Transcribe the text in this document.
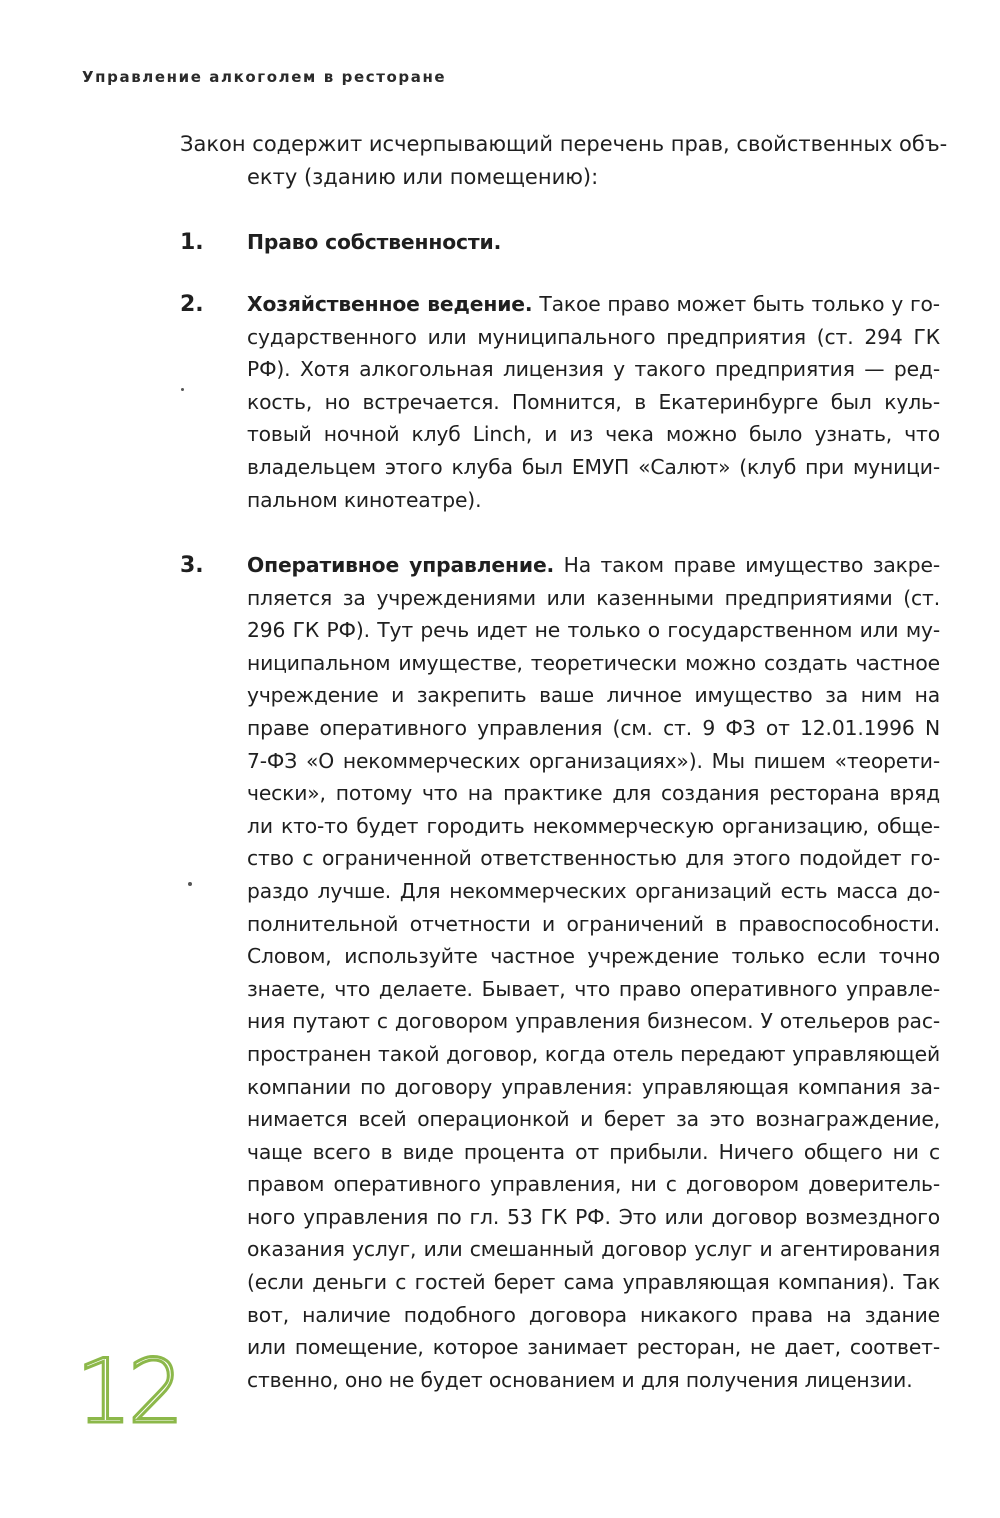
Управление алкоголем в ресторане
Закон содержит исчерпывающий перечень прав, свойственных объ-
екту (зданию или помещению):
1. Право собственности.
2. Хозяйственное ведение. Такое право может быть только у го-
сударственного или муниципального предприятия (ст. 294 ГК
РФ). Хотя алкогольная лицензия у такого предприятия — ред-
кость, но встречается. Помнится, в Екатеринбурге был куль-
товый ночной клуб Linch, и из чека можно было узнать, что
владельцем этого клуба был ЕМУП «Салют» (клуб при муници-
пальном кинотеатре).
3. Оперативное управление. На таком праве имущество закре-
пляется за учреждениями или казенными предприятиями (ст.
296 ГК РФ). Тут речь идет не только о государственном или му-
ниципальном имуществе, теоретически можно создать частное
учреждение и закрепить ваше личное имущество за ним на
праве оперативного управления (см. ст. 9 ФЗ от 12.01.1996 N
7-ФЗ «О некоммерческих организациях»). Мы пишем «теорети-
чески», потому что на практике для создания ресторана вряд
ли кто-то будет городить некоммерческую организацию, обще-
ство с ограниченной ответственностью для этого подойдет го-
раздо лучше. Для некоммерческих организаций есть масса до-
полнительной отчетности и ограничений в правоспособности.
Словом, используйте частное учреждение только если точно
знаете, что делаете. Бывает, что право оперативного управле-
ния путают с договором управления бизнесом. У отельеров рас-
пространен такой договор, когда отель передают управляющей
компании по договору управления: управляющая компания за-
нимается всей операционкой и берет за это вознаграждение,
чаще всего в виде процента от прибыли. Ничего общего ни с
правом оперативного управления, ни с договором доверитель-
ного управления по гл. 53 ГК РФ. Это или договор возмездного
оказания услуг, или смешанный договор услуг и агентирования
(если деньги с гостей берет сама управляющая компания). Так
вот, наличие подобного договора никакого права на здание
или помещение, которое занимает ресторан, не дает, соответ-
ственно, оно не будет основанием и для получения лицензии.
12
